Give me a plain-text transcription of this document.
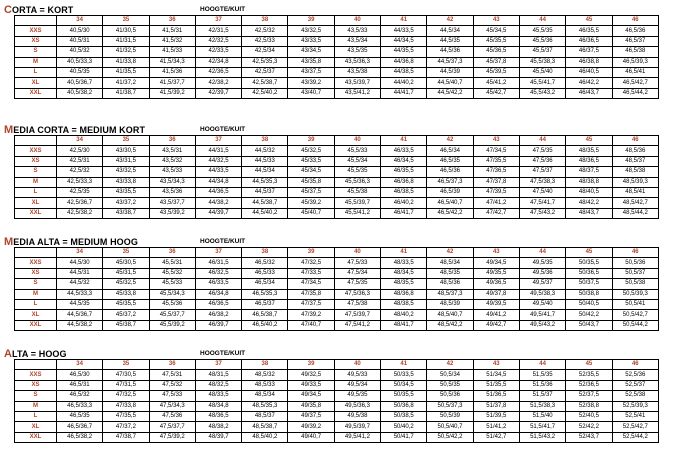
CORTA = KORT	HOOGTE/KUIT
	34	35	36	37	38	39	40	41	42	43	44	45	46
XXS	40,5/30	41/30,5	41,5/31	42/31,5	42,5/32	43/32,5	43,5/33	44/33,5	44,5/34	45/34,5	45,5/35	46/35,5	46,5/36
XS	40,5/31	41/31,5	41,5/32	42/32,5	42,5/33	43/33,5	43,5/34	44/34,5	44,5/35	45/35,5	45,5/36	46/36,5	46,5/37
S	40,5/32	41/32,5	41,5/33	42/33,5	42,5/34	43/34,5	43,5/35	44/35,5	44,5/36	45/36,5	45,5/37	46/37,5	46,5/38
M	40,5/33,3	41/33,8	41,5/34,3	42/34,8	42,5/35,3	43/35,8	43,5/36,3	44/36,8	44,5/37,3	45/37,8	45,5/38,3	46/38,8	46,5/39,3
L	40,5/35	41/35,5	41,5/36	42/36,5	42,5/37	43/37,5	43,5/38	44/38,5	44,5/39	45/39,5	45,5/40	46/40,5	46,5/41
XL	40,5/36,7	41/37,2	41,5/37,7	42/38,2	42,5/38,7	43/39,2	43,5/39,7	44/40,2	44,5/40,7	45/41,2	45,5/41,7	46/42,2	46,5/42,7
XXL	40,5/38,2	41/38,7	41,5/39,2	42/39,7	42,5/40,2	43/40,7	43,5/41,2	44/41,7	44,5/42,2	45/42,7	45,5/43,2	46/43,7	46,5/44,2
MEDIA CORTA = MEDIUM KORT	HOOGTE/KUIT
	34	35	36	37	38	39	40	41	42	43	44	45	46
XXS	42,5/30	43/30,5	43,5/31	44/31,5	44,5/32	45/32,5	45,5/33	46/33,5	46,5/34	47/34,5	47,5/35	48/35,5	48,5/36
XS	42,5/31	43/31,5	43,5/32	44/32,5	44,5/33	45/33,5	45,5/34	46/34,5	46,5/35	47/35,5	47,5/36	48/36,5	48,5/37
S	42,5/32	43/32,5	43,5/33	44/33,5	44,5/34	45/34,5	45,5/35	46/35,5	46,5/36	47/36,5	47,5/37	48/37,5	48,5/38
M	42,5/33,3	43/33,8	43,5/34,3	44/34,8	44,5/35,3	45/35,8	45,5/36,3	46/36,8	46,5/37,3	47/37,8	47,5/38,3	48/38,8	48,5/39,3
L	42,5/35	43/35,5	43,5/36	44/36,5	44,5/37	45/37,5	45,5/38	46/38,5	46,5/39	47/39,5	47,5/40	48/40,5	48,5/41
XL	42,5/36,7	43/37,2	43,5/37,7	44/38,2	44,5/38,7	45/39,2	45,5/39,7	46/40,2	46,5/40,7	47/41,2	47,5/41,7	48/42,2	48,5/42,7
XXL	42,5/38,2	43/38,7	43,5/39,2	44/39,7	44,5/40,2	45/40,7	45,5/41,2	46/41,7	46,5/42,2	47/42,7	47,5/43,2	48/43,7	48,5/44,2
MEDIA ALTA = MEDIUM HOOG	HOOGTE/KUIT
	34	35	36	37	38	39	40	41	42	43	44	45	46
XXS	44,5/30	45/30,5	45,5/31	46/31,5	46,5/32	47/32,5	47,5/33	48/33,5	48,5/34	49/34,5	49,5/35	50/35,5	50,5/36
XS	44,5/31	45/31,5	45,5/32	46/32,5	46,5/33	47/33,5	47,5/34	48/34,5	48,5/35	49/35,5	49,5/36	50/36,5	50,5/37
S	44,5/32	45/32,5	45,5/33	46/33,5	46,5/34	47/34,5	47,5/35	48/35,5	48,5/36	49/36,5	49,5/37	50/37,5	50,5/38
M	44,5/33,3	45/33,8	45,5/34,3	46/34,8	46,5/35,3	47/35,8	47,5/36,3	48/36,8	48,5/37,3	49/37,8	49,5/38,3	50/38,8	50,5/39,3
L	44,5/35	45/35,5	45,5/36	46/36,5	46,5/37	47/37,5	47,5/38	48/38,5	48,5/39	49/39,5	49,5/40	50/40,5	50,5/41
XL	44,5/36,7	45/37,2	45,5/37,7	46/38,2	46,5/38,7	47/39,2	47,5/39,7	48/40,2	48,5/40,7	49/41,2	49,5/41,7	50/42,2	50,5/42,7
XXL	44,5/38,2	45/38,7	45,5/39,2	46/39,7	46,5/40,2	47/40,7	47,5/41,2	48/41,7	48,5/42,2	49/42,7	49,5/43,2	50/43,7	50,5/44,2
ALTA = HOOG	HOOGTE/KUIT
	34	35	36	37	38	39	40	41	42	43	44	45	46
XXS	46,5/30	47/30,5	47,5/31	48/31,5	48,5/32	49/32,5	49,5/33	50/33,5	50,5/34	51/34,5	51,5/35	52/35,5	52,5/36
XS	46,5/31	47/31,5	47,5/32	48/32,5	48,5/33	49/33,5	49,5/34	50/34,5	50,5/35	51/35,5	51,5/36	52/36,5	52,5/37
S	46,5/32	47/32,5	47,5/33	48/33,5	48,5/34	49/34,5	49,5/35	50/35,5	50,5/36	51/36,5	51,5/37	52/37,5	52,5/38
M	46,5/33,3	47/33,8	47,5/34,3	48/34,8	48,5/35,3	49/35,8	49,5/36,3	50/36,8	50,5/37,3	51/37,8	51,5/38,3	52/38,8	52,5/39,3
L	46,5/35	47/35,5	47,5/36	48/36,5	48,5/37	49/37,5	49,5/38	50/38,5	50,5/39	51/39,5	51,5/40	52/40,5	52,5/41
XL	46,5/36,7	47/37,2	47,5/37,7	48/38,2	48,5/38,7	49/39,2	49,5/39,7	50/40,2	50,5/40,7	51/41,2	51,5/41,7	52/42,2	52,5/42,7
XXL	46,5/38,2	47/38,7	47,5/39,2	48/39,7	48,5/40,2	49/40,7	49,5/41,2	50/41,7	50,5/42,2	51/42,7	51,5/43,2	52/43,7	52,5/44,2
